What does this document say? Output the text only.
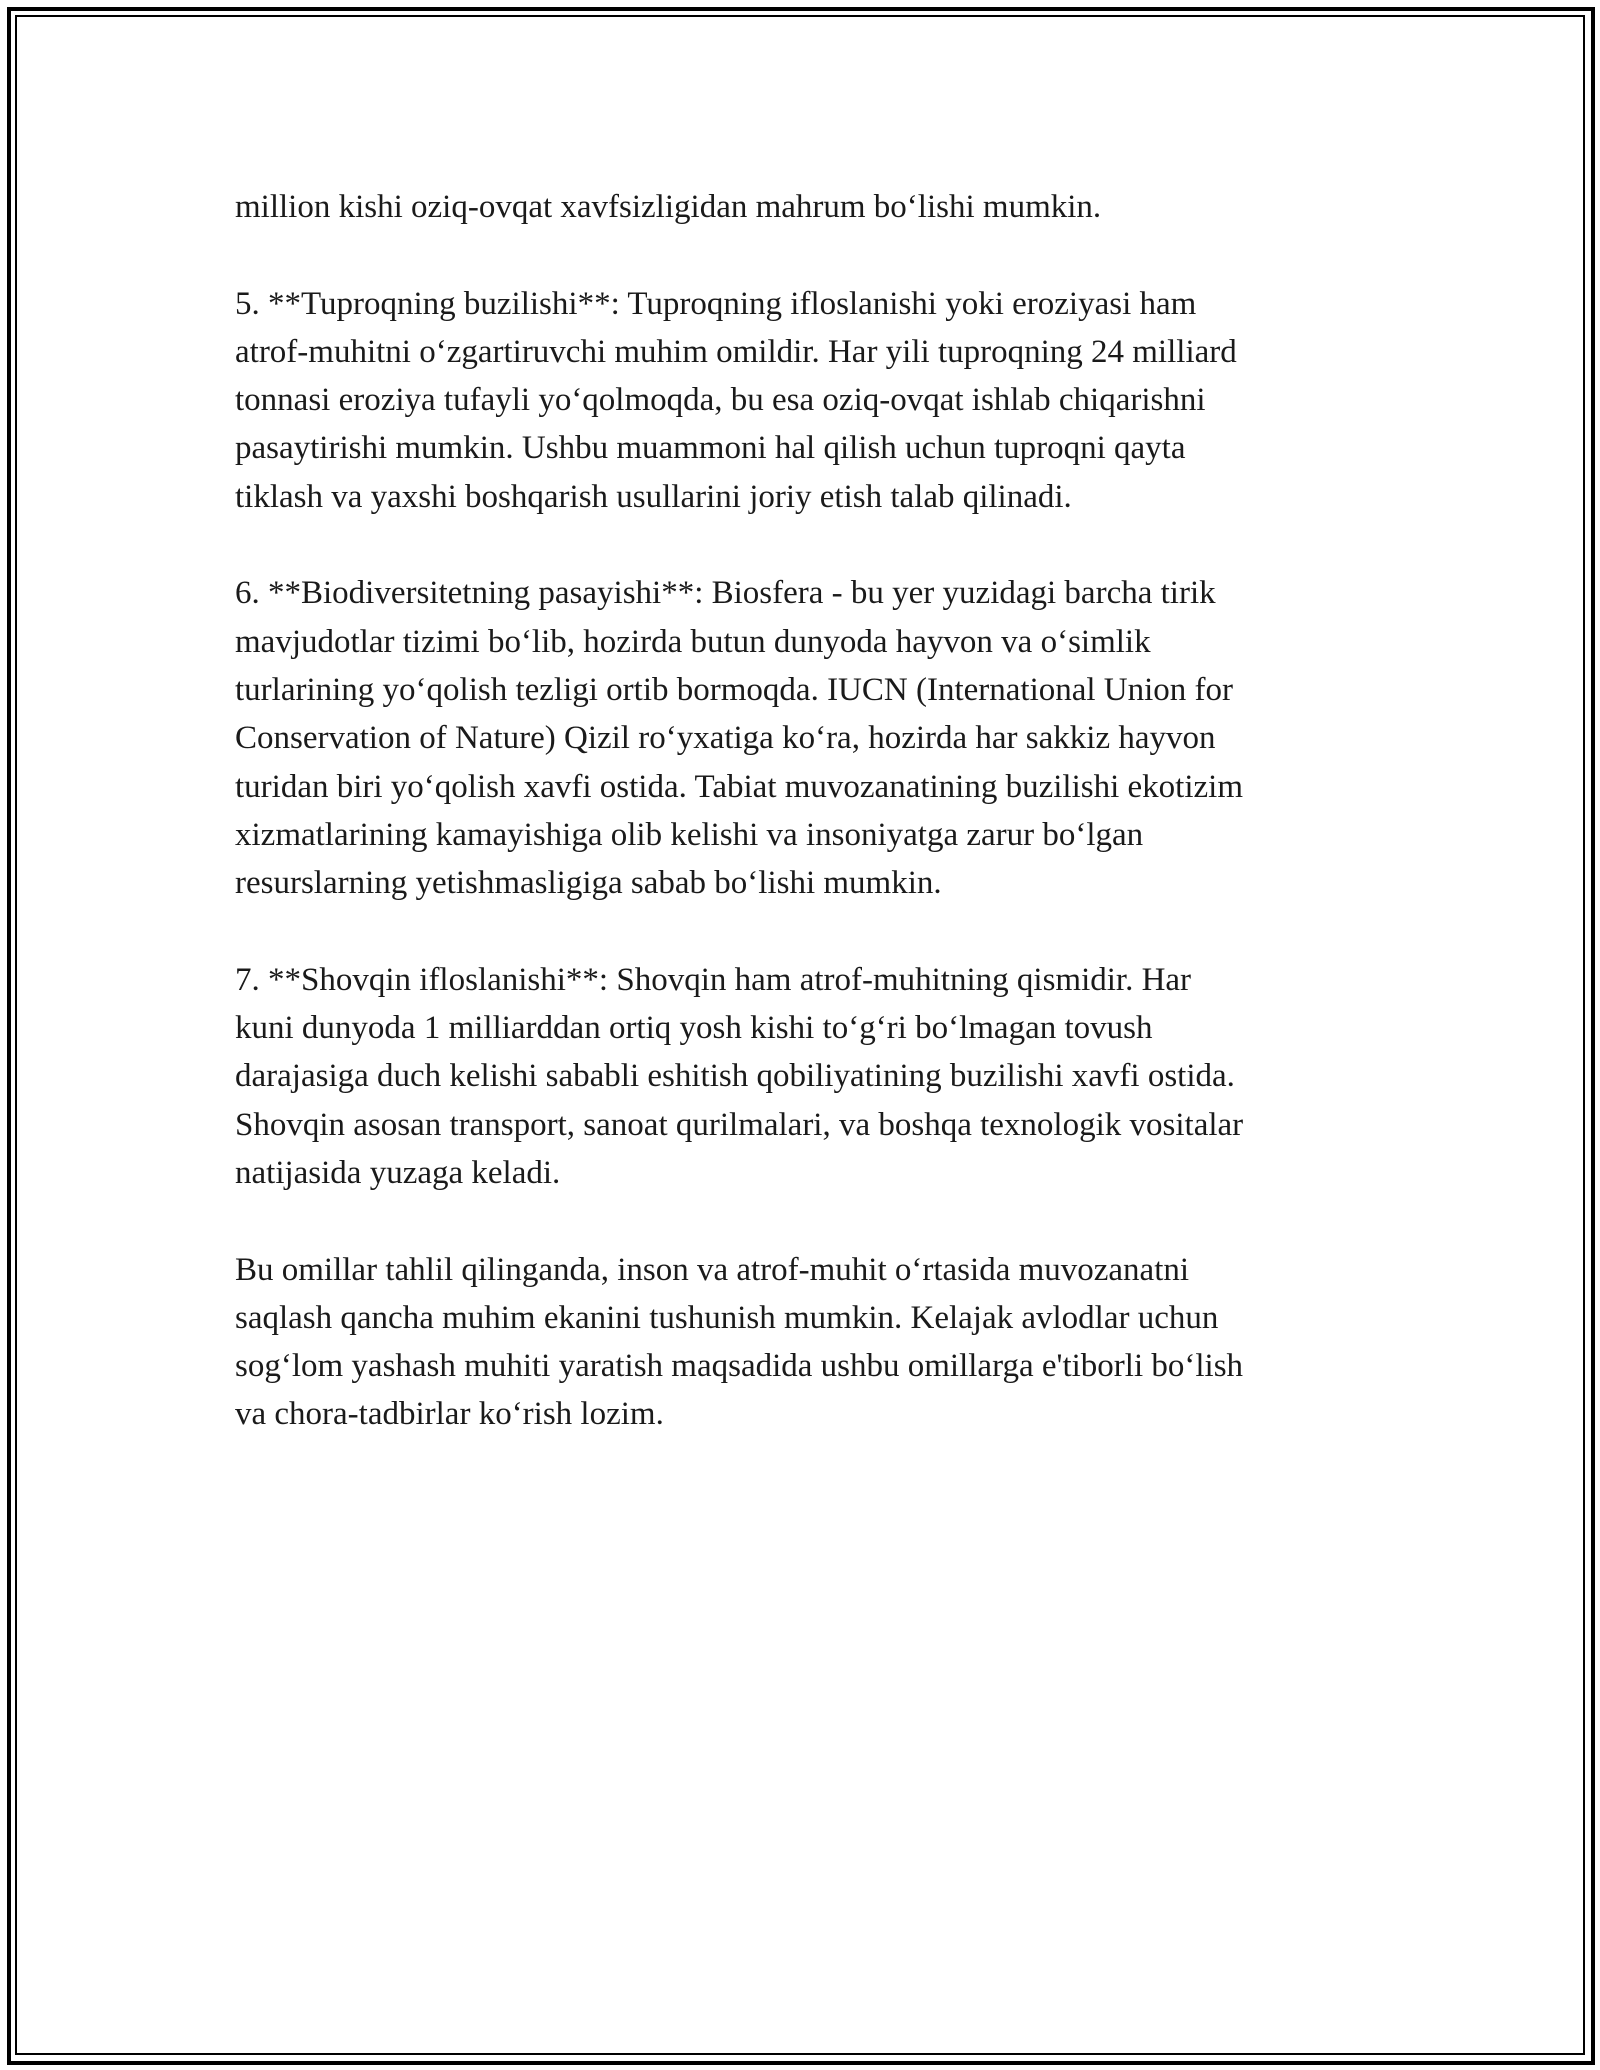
million kishi oziq-ovqat xavfsizligidan mahrum bo‘lishi mumkin.

5. **Tuproqning buzilishi**: Tuproqning ifloslanishi yoki eroziyasi ham
atrof-muhitni o‘zgartiruvchi muhim omildir. Har yili tuproqning 24 milliard
tonnasi eroziya tufayli yo‘qolmoqda, bu esa oziq-ovqat ishlab chiqarishni
pasaytirishi mumkin. Ushbu muammoni hal qilish uchun tuproqni qayta
tiklash va yaxshi boshqarish usullarini joriy etish talab qilinadi.

6. **Biodiversitetning pasayishi**: Biosfera - bu yer yuzidagi barcha tirik
mavjudotlar tizimi bo‘lib, hozirda butun dunyoda hayvon va o‘simlik
turlarining yo‘qolish tezligi ortib bormoqda. IUCN (International Union for
Conservation of Nature) Qizil ro‘yxatiga ko‘ra, hozirda har sakkiz hayvon
turidan biri yo‘qolish xavfi ostida. Tabiat muvozanatining buzilishi ekotizim
xizmatlarining kamayishiga olib kelishi va insoniyatga zarur bo‘lgan
resurslarning yetishmasligiga sabab bo‘lishi mumkin.

7. **Shovqin ifloslanishi**: Shovqin ham atrof-muhitning qismidir. Har
kuni dunyoda 1 milliarddan ortiq yosh kishi to‘g‘ri bo‘lmagan tovush
darajasiga duch kelishi sababli eshitish qobiliyatining buzilishi xavfi ostida.
Shovqin asosan transport, sanoat qurilmalari, va boshqa texnologik vositalar
natijasida yuzaga keladi.

Bu omillar tahlil qilinganda, inson va atrof-muhit o‘rtasida muvozanatni
saqlash qancha muhim ekanini tushunish mumkin. Kelajak avlodlar uchun
sog‘lom yashash muhiti yaratish maqsadida ushbu omillarga e'tiborli bo‘lish
va chora-tadbirlar ko‘rish lozim.
